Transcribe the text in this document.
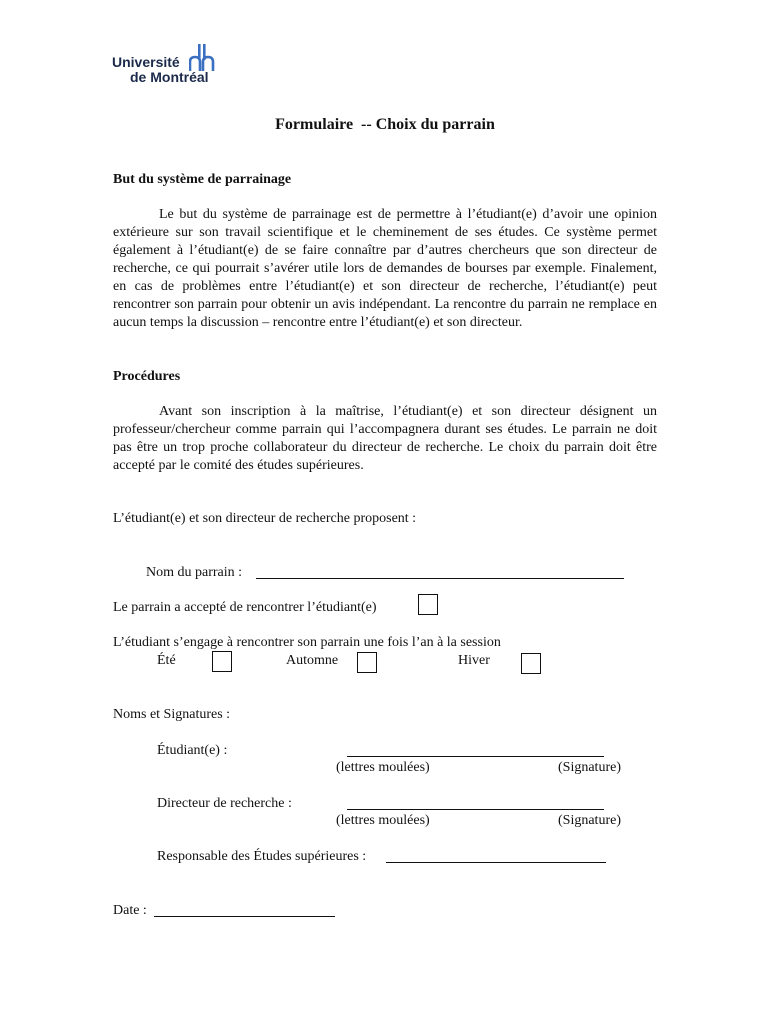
Université
de Montréal
Formulaire  -- Choix du parrain
But du système de parrainage

Le but du système de parrainage est de permettre à l’étudiant(e) d’avoir une opinion extérieure sur son travail scientifique et le cheminement de ses études. Ce système permet également à l’étudiant(e) de se faire connaître par d’autres chercheurs que son directeur de recherche, ce qui pourrait s’avérer utile lors de demandes de bourses par exemple. Finalement, en cas de problèmes entre l’étudiant(e) et son directeur de recherche, l’étudiant(e) peut rencontrer son parrain pour obtenir un avis indépendant. La rencontre du parrain ne remplace en aucun temps la discussion – rencontre entre l’étudiant(e) et son directeur.

Procédures

Avant son inscription à la maîtrise, l’étudiant(e) et son directeur désignent un professeur/chercheur comme parrain qui l’accompagnera durant ses études. Le parrain ne doit pas être un trop proche collaborateur du directeur de recherche. Le choix du parrain doit être accepté par le comité des études supérieures.

L’étudiant(e) et son directeur de recherche proposent :
Nom du parrain :
Le parrain a accepté de rencontrer l’étudiant(e)
L’étudiant s’engage à rencontrer son parrain une fois l’an à la session
Été	Automne	Hiver
Noms et Signatures :
Étudiant(e) :
(lettres moulées)	(Signature)
Directeur de recherche :
(lettres moulées)	(Signature)
Responsable des Études supérieures :
Date :
